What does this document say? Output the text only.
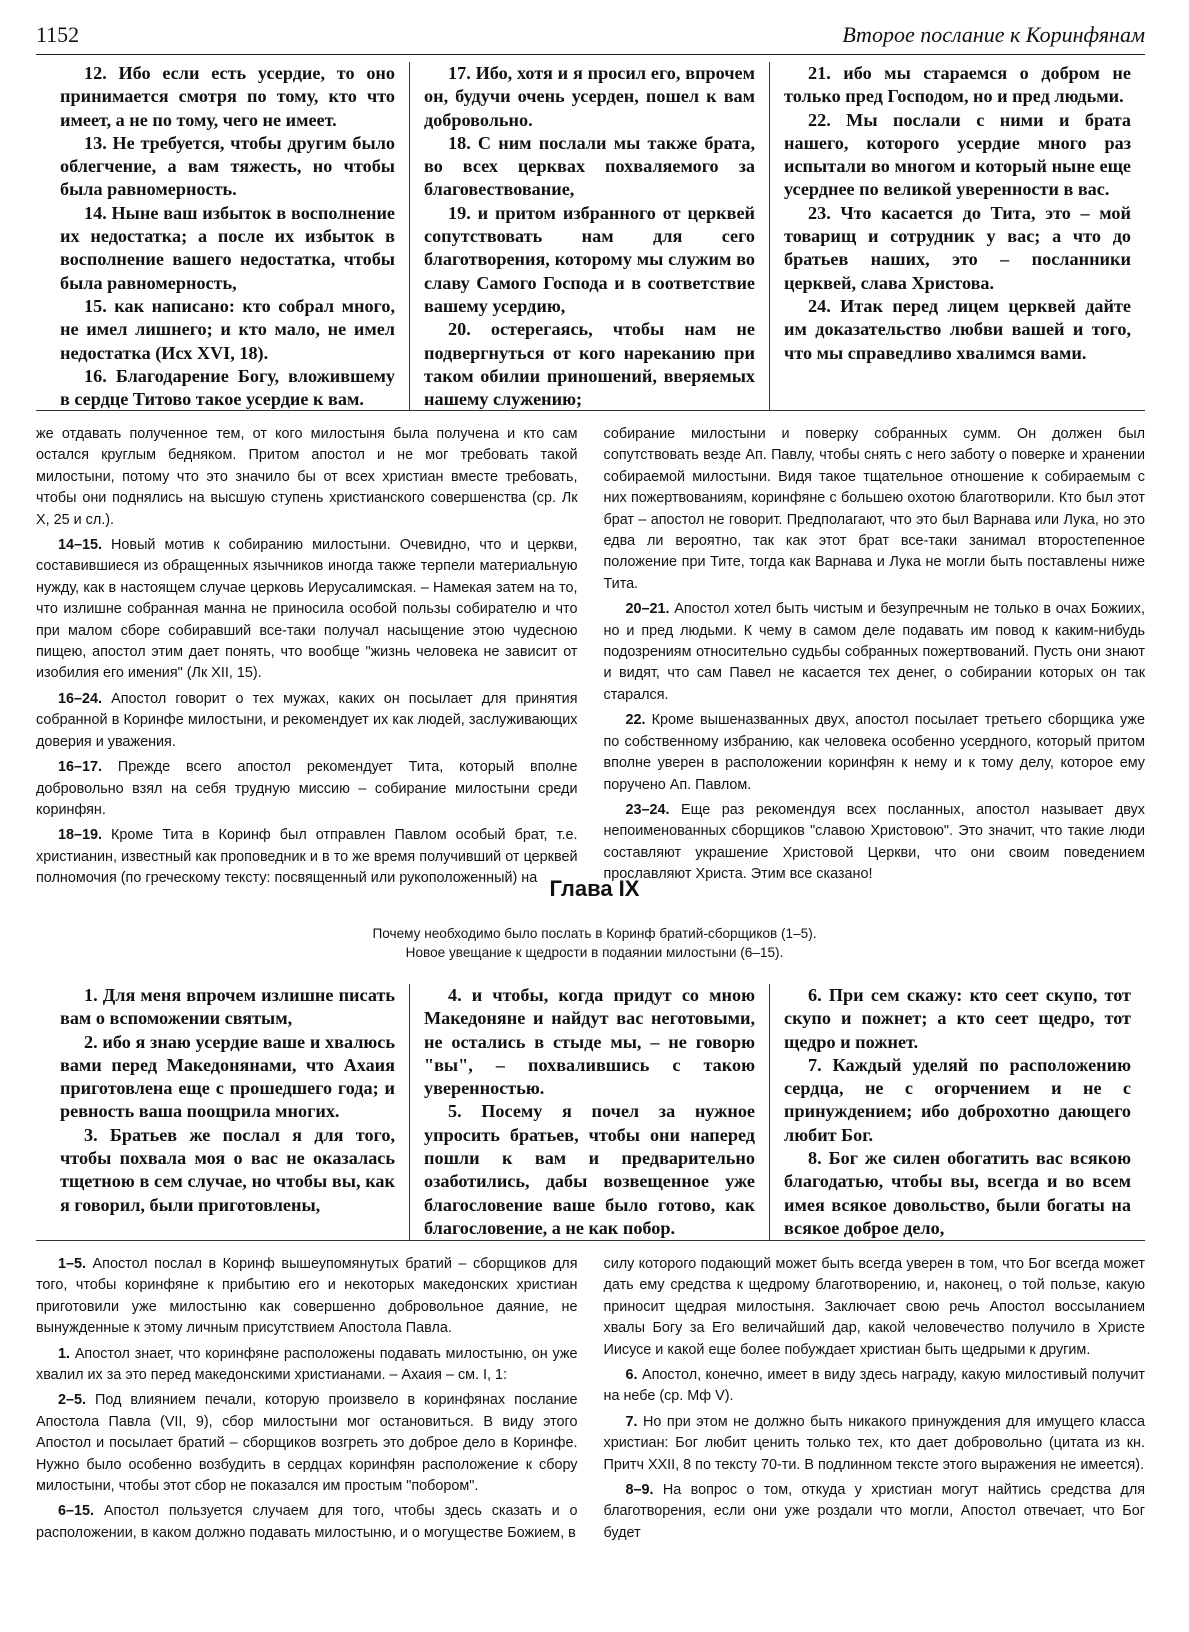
1152	Второе послание к Коринфянам

12. Ибо если есть усердие, то оно принимается смотря по тому, кто что имеет, а не по тому, чего не имеет.

13. Не требуется, чтобы другим было облегчение, а вам тяжесть, но чтобы была равномерность.

14. Ныне ваш избыток в восполнение их недостатка; а после их избыток в восполнение вашего недостатка, чтобы была равномерность,

15. как написано: кто собрал много, не имел лишнего; и кто мало, не имел недостатка (Исх XVI, 18).

16. Благодарение Богу, вложившему в сердце Титово такое усердие к вам.

17. Ибо, хотя и я просил его, впрочем он, будучи очень усерден, пошел к вам добровольно.

18. С ним послали мы также брата, во всех церквах похваляемого за благовествование,

19. и притом избранного от церквей сопутствовать нам для сего благотворения, которому мы служим во славу Самого Господа и в соответствие вашему усердию,

20. остерегаясь, чтобы нам не подвергнуться от кого нареканию при таком обилии приношений, вверяемых нашему служению;

21. ибо мы стараемся о добром не только пред Господом, но и пред людьми.

22. Мы послали с ними и брата нашего, которого усердие много раз испытали во многом и который ныне еще усерднее по великой уверенности в вас.

23. Что касается до Тита, это – мой товарищ и сотрудник у вас; а что до братьев наших, это – посланники церквей, слава Христова.

24. Итак перед лицем церквей дайте им доказательство любви вашей и того, что мы справедливо хвалимся вами.

же отдавать полученное тем, от кого милостыня была получена и кто сам остался круглым бедняком. Притом апостол и не мог требовать такой милостыни, потому что это значило бы от всех христиан вместе требовать, чтобы они поднялись на высшую ступень христианского совершенства (ср. Лк X, 25 и сл.).

14–15. Новый мотив к собиранию милостыни. Очевидно, что и церкви, составившиеся из обращенных язычников иногда также терпели материальную нужду, как в настоящем случае церковь Иерусалимская. – Намекая затем на то, что излишне собранная манна не приносила особой пользы собирателю и что при малом сборе собиравший все-таки получал насыщение этою чудесною пищею, апостол этим дает понять, что вообще "жизнь человека не зависит от изобилия его имения" (Лк XII, 15).

16–24. Апостол говорит о тех мужах, каких он посылает для принятия собранной в Коринфе милостыни, и рекомендует их как людей, заслуживающих доверия и уважения.

16–17. Прежде всего апостол рекомендует Тита, который вполне добровольно взял на себя трудную миссию – собирание милостыни среди коринфян.

18–19. Кроме Тита в Коринф был отправлен Павлом особый брат, т.е. христианин, известный как проповедник и в то же время получивший от церквей полномочия (по греческому тексту: посвященный или рукоположенный) на

собирание милостыни и поверку собранных сумм. Он должен был сопутствовать везде Ап. Павлу, чтобы снять с него заботу о поверке и хранении собираемой милостыни. Видя такое тщательное отношение к собираемым с них пожертвованиям, коринфяне с большею охотою благотворили. Кто был этот брат – апостол не говорит. Предполагают, что это был Варнава или Лука, но это едва ли вероятно, так как этот брат все-таки занимал второстепенное положение при Тите, тогда как Варнава и Лука не могли быть поставлены ниже Тита.

20–21. Апостол хотел быть чистым и безупречным не только в очах Божиих, но и пред людьми. К чему в самом деле подавать им повод к каким-нибудь подозрениям относительно судьбы собранных пожертвований. Пусть они знают и видят, что сам Павел не касается тех денег, о собирании которых он так старался.

22. Кроме вышеназванных двух, апостол посылает третьего сборщика уже по собственному избранию, как человека особенно усердного, который притом вполне уверен в расположении коринфян к нему и к тому делу, которое ему поручено Ап. Павлом.

23–24. Еще раз рекомендуя всех посланных, апостол называет двух непоименованных сборщиков "славою Христовою". Это значит, что такие люди составляют украшение Христовой Церкви, что они своим поведением прославляют Христа. Этим все сказано!

Глава IX
Почему необходимо было послать в Коринф братий-сборщиков (1–5).
Новое увещание к щедрости в подаянии милостыни (6–15).

1. Для меня впрочем излишне писать вам о вспоможении святым,

2. ибо я знаю усердие ваше и хвалюсь вами перед Македонянами, что Ахаия приготовлена еще с прошедшего года; и ревность ваша поощрила многих.

3. Братьев же послал я для того, чтобы похвала моя о вас не оказалась тщетною в сем случае, но чтобы вы, как я говорил, были приготовлены,

4. и чтобы, когда придут со мною Македоняне и найдут вас неготовыми, не остались в стыде мы, – не говорю "вы", – похвалившись с такою уверенностью.

5. Посему я почел за нужное упросить братьев, чтобы они наперед пошли к вам и предварительно озаботились, дабы возвещенное уже благословение ваше было готово, как благословение, а не как побор.

6. При сем скажу: кто сеет скупо, тот скупо и пожнет; а кто сеет щедро, тот щедро и пожнет.

7. Каждый уделяй по расположению сердца, не с огорчением и не с принуждением; ибо доброхотно дающего любит Бог.

8. Бог же силен обогатить вас всякою благодатью, чтобы вы, всегда и во всем имея всякое довольство, были богаты на всякое доброе дело,

1–5. Апостол послал в Коринф вышеупомянутых братий – сборщиков для того, чтобы коринфяне к прибытию его и некоторых македонских христиан приготовили уже милостыню как совершенно добровольное даяние, не вынужденные к этому личным присутствием Апостола Павла.

1. Апостол знает, что коринфяне расположены подавать милостыню, он уже хвалил их за это перед македонскими христианами. – Ахаия – см. I, 1:

2–5. Под влиянием печали, которую произвело в коринфянах послание Апостола Павла (VII, 9), сбор милостыни мог остановиться. В виду этого Апостол и посылает братий – сборщиков возгреть это доброе дело в Коринфе. Нужно было особенно возбудить в сердцах коринфян расположение к сбору милостыни, чтобы этот сбор не показался им простым "побором".

6–15. Апостол пользуется случаем для того, чтобы здесь сказать и о расположении, в каком должно подавать милостыню, и о могуществе Божием, в

силу которого подающий может быть всегда уверен в том, что Бог всегда может дать ему средства к щедрому благотворению, и, наконец, о той пользе, какую приносит щедрая милостыня. Заключает свою речь Апостол воссыланием хвалы Богу за Его величайший дар, какой человечество получило в Христе Иисусе и какой еще более побуждает христиан быть щедрыми к другим.

6. Апостол, конечно, имеет в виду здесь награду, какую милостивый получит на небе (ср. Мф V).

7. Но при этом не должно быть никакого принуждения для имущего класса христиан: Бог любит ценить только тех, кто дает добровольно (цитата из кн. Притч XXII, 8 по тексту 70-ти. В подлинном тексте этого выражения не имеется).

8–9. На вопрос о том, откуда у христиан могут найтись средства для благотворения, если они уже роздали что могли, Апостол отвечает, что Бог будет
